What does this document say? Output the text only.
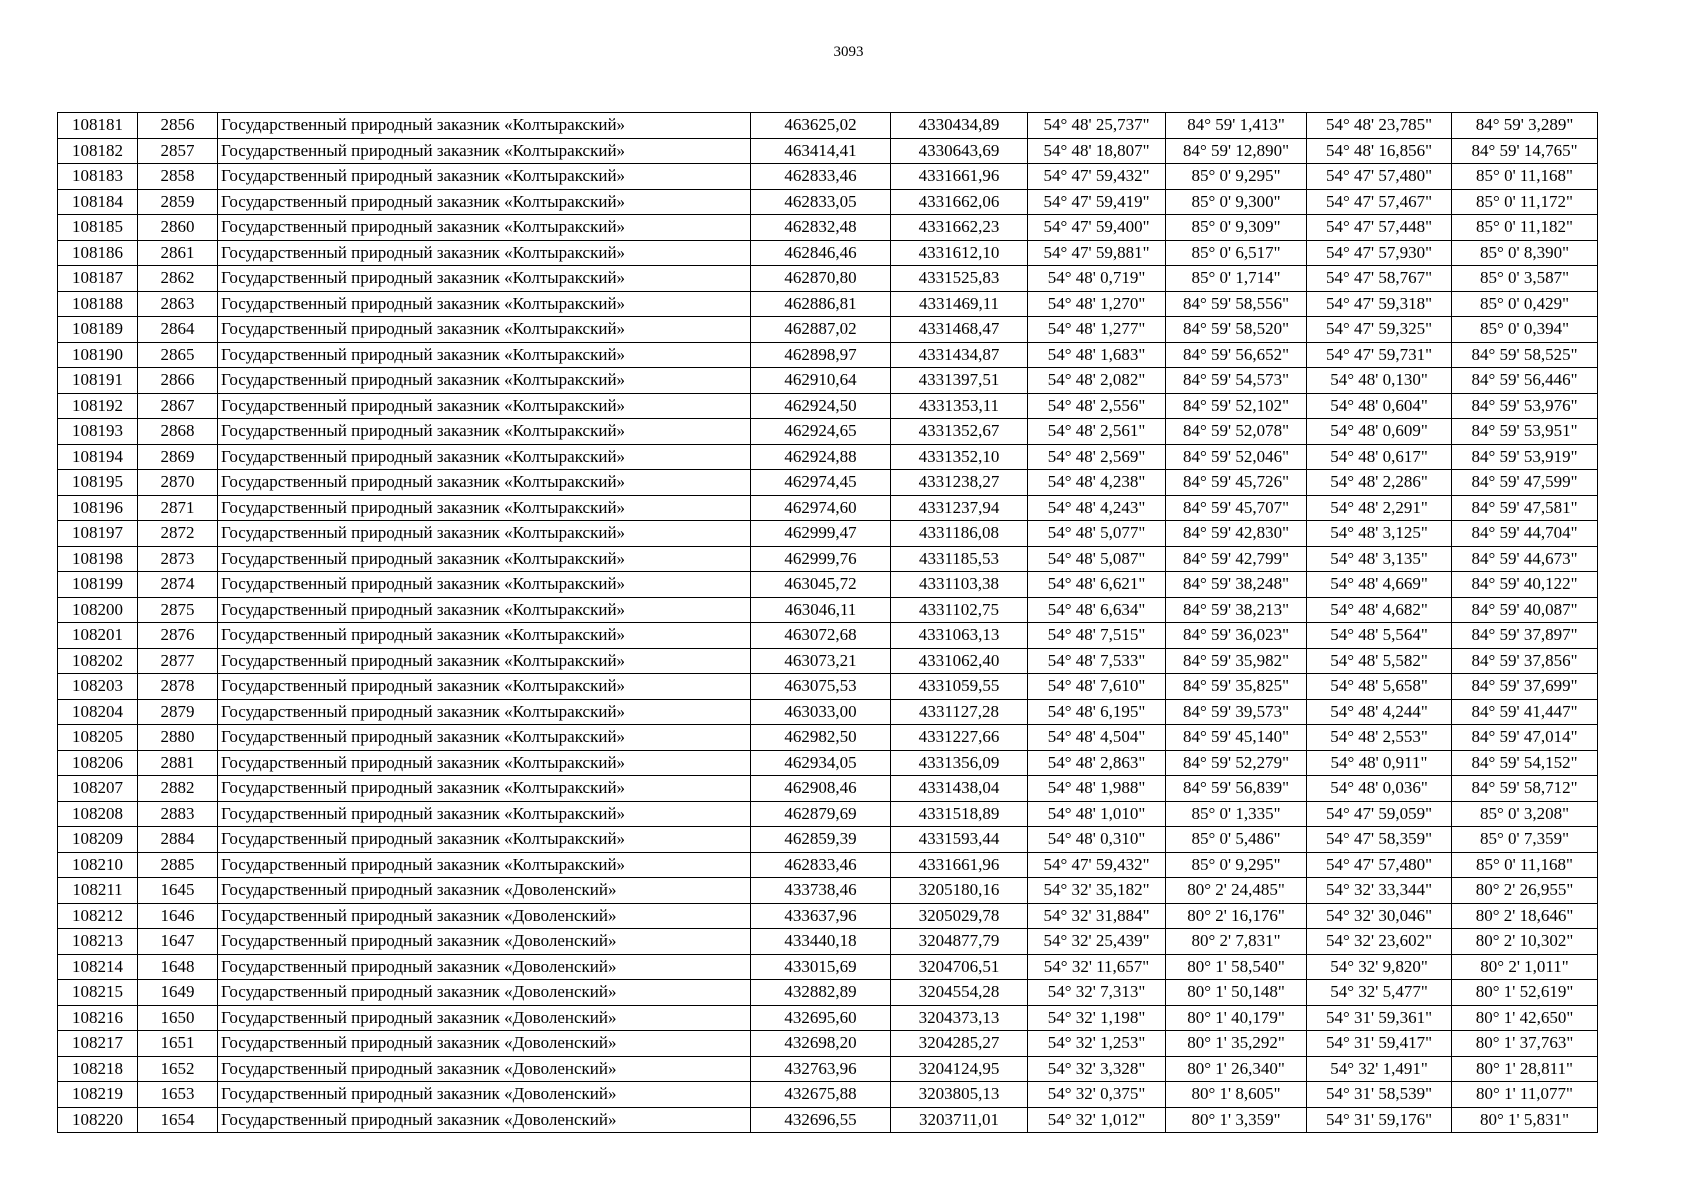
3093
108181	2856	Государственный природный заказник «Колтыракский»	463625,02	4330434,89	54° 48' 25,737"	84° 59' 1,413"	54° 48' 23,785"	84° 59' 3,289"
108182	2857	Государственный природный заказник «Колтыракский»	463414,41	4330643,69	54° 48' 18,807"	84° 59' 12,890"	54° 48' 16,856"	84° 59' 14,765"
108183	2858	Государственный природный заказник «Колтыракский»	462833,46	4331661,96	54° 47' 59,432"	85° 0' 9,295"	54° 47' 57,480"	85° 0' 11,168"
108184	2859	Государственный природный заказник «Колтыракский»	462833,05	4331662,06	54° 47' 59,419"	85° 0' 9,300"	54° 47' 57,467"	85° 0' 11,172"
108185	2860	Государственный природный заказник «Колтыракский»	462832,48	4331662,23	54° 47' 59,400"	85° 0' 9,309"	54° 47' 57,448"	85° 0' 11,182"
108186	2861	Государственный природный заказник «Колтыракский»	462846,46	4331612,10	54° 47' 59,881"	85° 0' 6,517"	54° 47' 57,930"	85° 0' 8,390"
108187	2862	Государственный природный заказник «Колтыракский»	462870,80	4331525,83	54° 48' 0,719"	85° 0' 1,714"	54° 47' 58,767"	85° 0' 3,587"
108188	2863	Государственный природный заказник «Колтыракский»	462886,81	4331469,11	54° 48' 1,270"	84° 59' 58,556"	54° 47' 59,318"	85° 0' 0,429"
108189	2864	Государственный природный заказник «Колтыракский»	462887,02	4331468,47	54° 48' 1,277"	84° 59' 58,520"	54° 47' 59,325"	85° 0' 0,394"
108190	2865	Государственный природный заказник «Колтыракский»	462898,97	4331434,87	54° 48' 1,683"	84° 59' 56,652"	54° 47' 59,731"	84° 59' 58,525"
108191	2866	Государственный природный заказник «Колтыракский»	462910,64	4331397,51	54° 48' 2,082"	84° 59' 54,573"	54° 48' 0,130"	84° 59' 56,446"
108192	2867	Государственный природный заказник «Колтыракский»	462924,50	4331353,11	54° 48' 2,556"	84° 59' 52,102"	54° 48' 0,604"	84° 59' 53,976"
108193	2868	Государственный природный заказник «Колтыракский»	462924,65	4331352,67	54° 48' 2,561"	84° 59' 52,078"	54° 48' 0,609"	84° 59' 53,951"
108194	2869	Государственный природный заказник «Колтыракский»	462924,88	4331352,10	54° 48' 2,569"	84° 59' 52,046"	54° 48' 0,617"	84° 59' 53,919"
108195	2870	Государственный природный заказник «Колтыракский»	462974,45	4331238,27	54° 48' 4,238"	84° 59' 45,726"	54° 48' 2,286"	84° 59' 47,599"
108196	2871	Государственный природный заказник «Колтыракский»	462974,60	4331237,94	54° 48' 4,243"	84° 59' 45,707"	54° 48' 2,291"	84° 59' 47,581"
108197	2872	Государственный природный заказник «Колтыракский»	462999,47	4331186,08	54° 48' 5,077"	84° 59' 42,830"	54° 48' 3,125"	84° 59' 44,704"
108198	2873	Государственный природный заказник «Колтыракский»	462999,76	4331185,53	54° 48' 5,087"	84° 59' 42,799"	54° 48' 3,135"	84° 59' 44,673"
108199	2874	Государственный природный заказник «Колтыракский»	463045,72	4331103,38	54° 48' 6,621"	84° 59' 38,248"	54° 48' 4,669"	84° 59' 40,122"
108200	2875	Государственный природный заказник «Колтыракский»	463046,11	4331102,75	54° 48' 6,634"	84° 59' 38,213"	54° 48' 4,682"	84° 59' 40,087"
108201	2876	Государственный природный заказник «Колтыракский»	463072,68	4331063,13	54° 48' 7,515"	84° 59' 36,023"	54° 48' 5,564"	84° 59' 37,897"
108202	2877	Государственный природный заказник «Колтыракский»	463073,21	4331062,40	54° 48' 7,533"	84° 59' 35,982"	54° 48' 5,582"	84° 59' 37,856"
108203	2878	Государственный природный заказник «Колтыракский»	463075,53	4331059,55	54° 48' 7,610"	84° 59' 35,825"	54° 48' 5,658"	84° 59' 37,699"
108204	2879	Государственный природный заказник «Колтыракский»	463033,00	4331127,28	54° 48' 6,195"	84° 59' 39,573"	54° 48' 4,244"	84° 59' 41,447"
108205	2880	Государственный природный заказник «Колтыракский»	462982,50	4331227,66	54° 48' 4,504"	84° 59' 45,140"	54° 48' 2,553"	84° 59' 47,014"
108206	2881	Государственный природный заказник «Колтыракский»	462934,05	4331356,09	54° 48' 2,863"	84° 59' 52,279"	54° 48' 0,911"	84° 59' 54,152"
108207	2882	Государственный природный заказник «Колтыракский»	462908,46	4331438,04	54° 48' 1,988"	84° 59' 56,839"	54° 48' 0,036"	84° 59' 58,712"
108208	2883	Государственный природный заказник «Колтыракский»	462879,69	4331518,89	54° 48' 1,010"	85° 0' 1,335"	54° 47' 59,059"	85° 0' 3,208"
108209	2884	Государственный природный заказник «Колтыракский»	462859,39	4331593,44	54° 48' 0,310"	85° 0' 5,486"	54° 47' 58,359"	85° 0' 7,359"
108210	2885	Государственный природный заказник «Колтыракский»	462833,46	4331661,96	54° 47' 59,432"	85° 0' 9,295"	54° 47' 57,480"	85° 0' 11,168"
108211	1645	Государственный природный заказник «Доволенский»	433738,46	3205180,16	54° 32' 35,182"	80° 2' 24,485"	54° 32' 33,344"	80° 2' 26,955"
108212	1646	Государственный природный заказник «Доволенский»	433637,96	3205029,78	54° 32' 31,884"	80° 2' 16,176"	54° 32' 30,046"	80° 2' 18,646"
108213	1647	Государственный природный заказник «Доволенский»	433440,18	3204877,79	54° 32' 25,439"	80° 2' 7,831"	54° 32' 23,602"	80° 2' 10,302"
108214	1648	Государственный природный заказник «Доволенский»	433015,69	3204706,51	54° 32' 11,657"	80° 1' 58,540"	54° 32' 9,820"	80° 2' 1,011"
108215	1649	Государственный природный заказник «Доволенский»	432882,89	3204554,28	54° 32' 7,313"	80° 1' 50,148"	54° 32' 5,477"	80° 1' 52,619"
108216	1650	Государственный природный заказник «Доволенский»	432695,60	3204373,13	54° 32' 1,198"	80° 1' 40,179"	54° 31' 59,361"	80° 1' 42,650"
108217	1651	Государственный природный заказник «Доволенский»	432698,20	3204285,27	54° 32' 1,253"	80° 1' 35,292"	54° 31' 59,417"	80° 1' 37,763"
108218	1652	Государственный природный заказник «Доволенский»	432763,96	3204124,95	54° 32' 3,328"	80° 1' 26,340"	54° 32' 1,491"	80° 1' 28,811"
108219	1653	Государственный природный заказник «Доволенский»	432675,88	3203805,13	54° 32' 0,375"	80° 1' 8,605"	54° 31' 58,539"	80° 1' 11,077"
108220	1654	Государственный природный заказник «Доволенский»	432696,55	3203711,01	54° 32' 1,012"	80° 1' 3,359"	54° 31' 59,176"	80° 1' 5,831"
